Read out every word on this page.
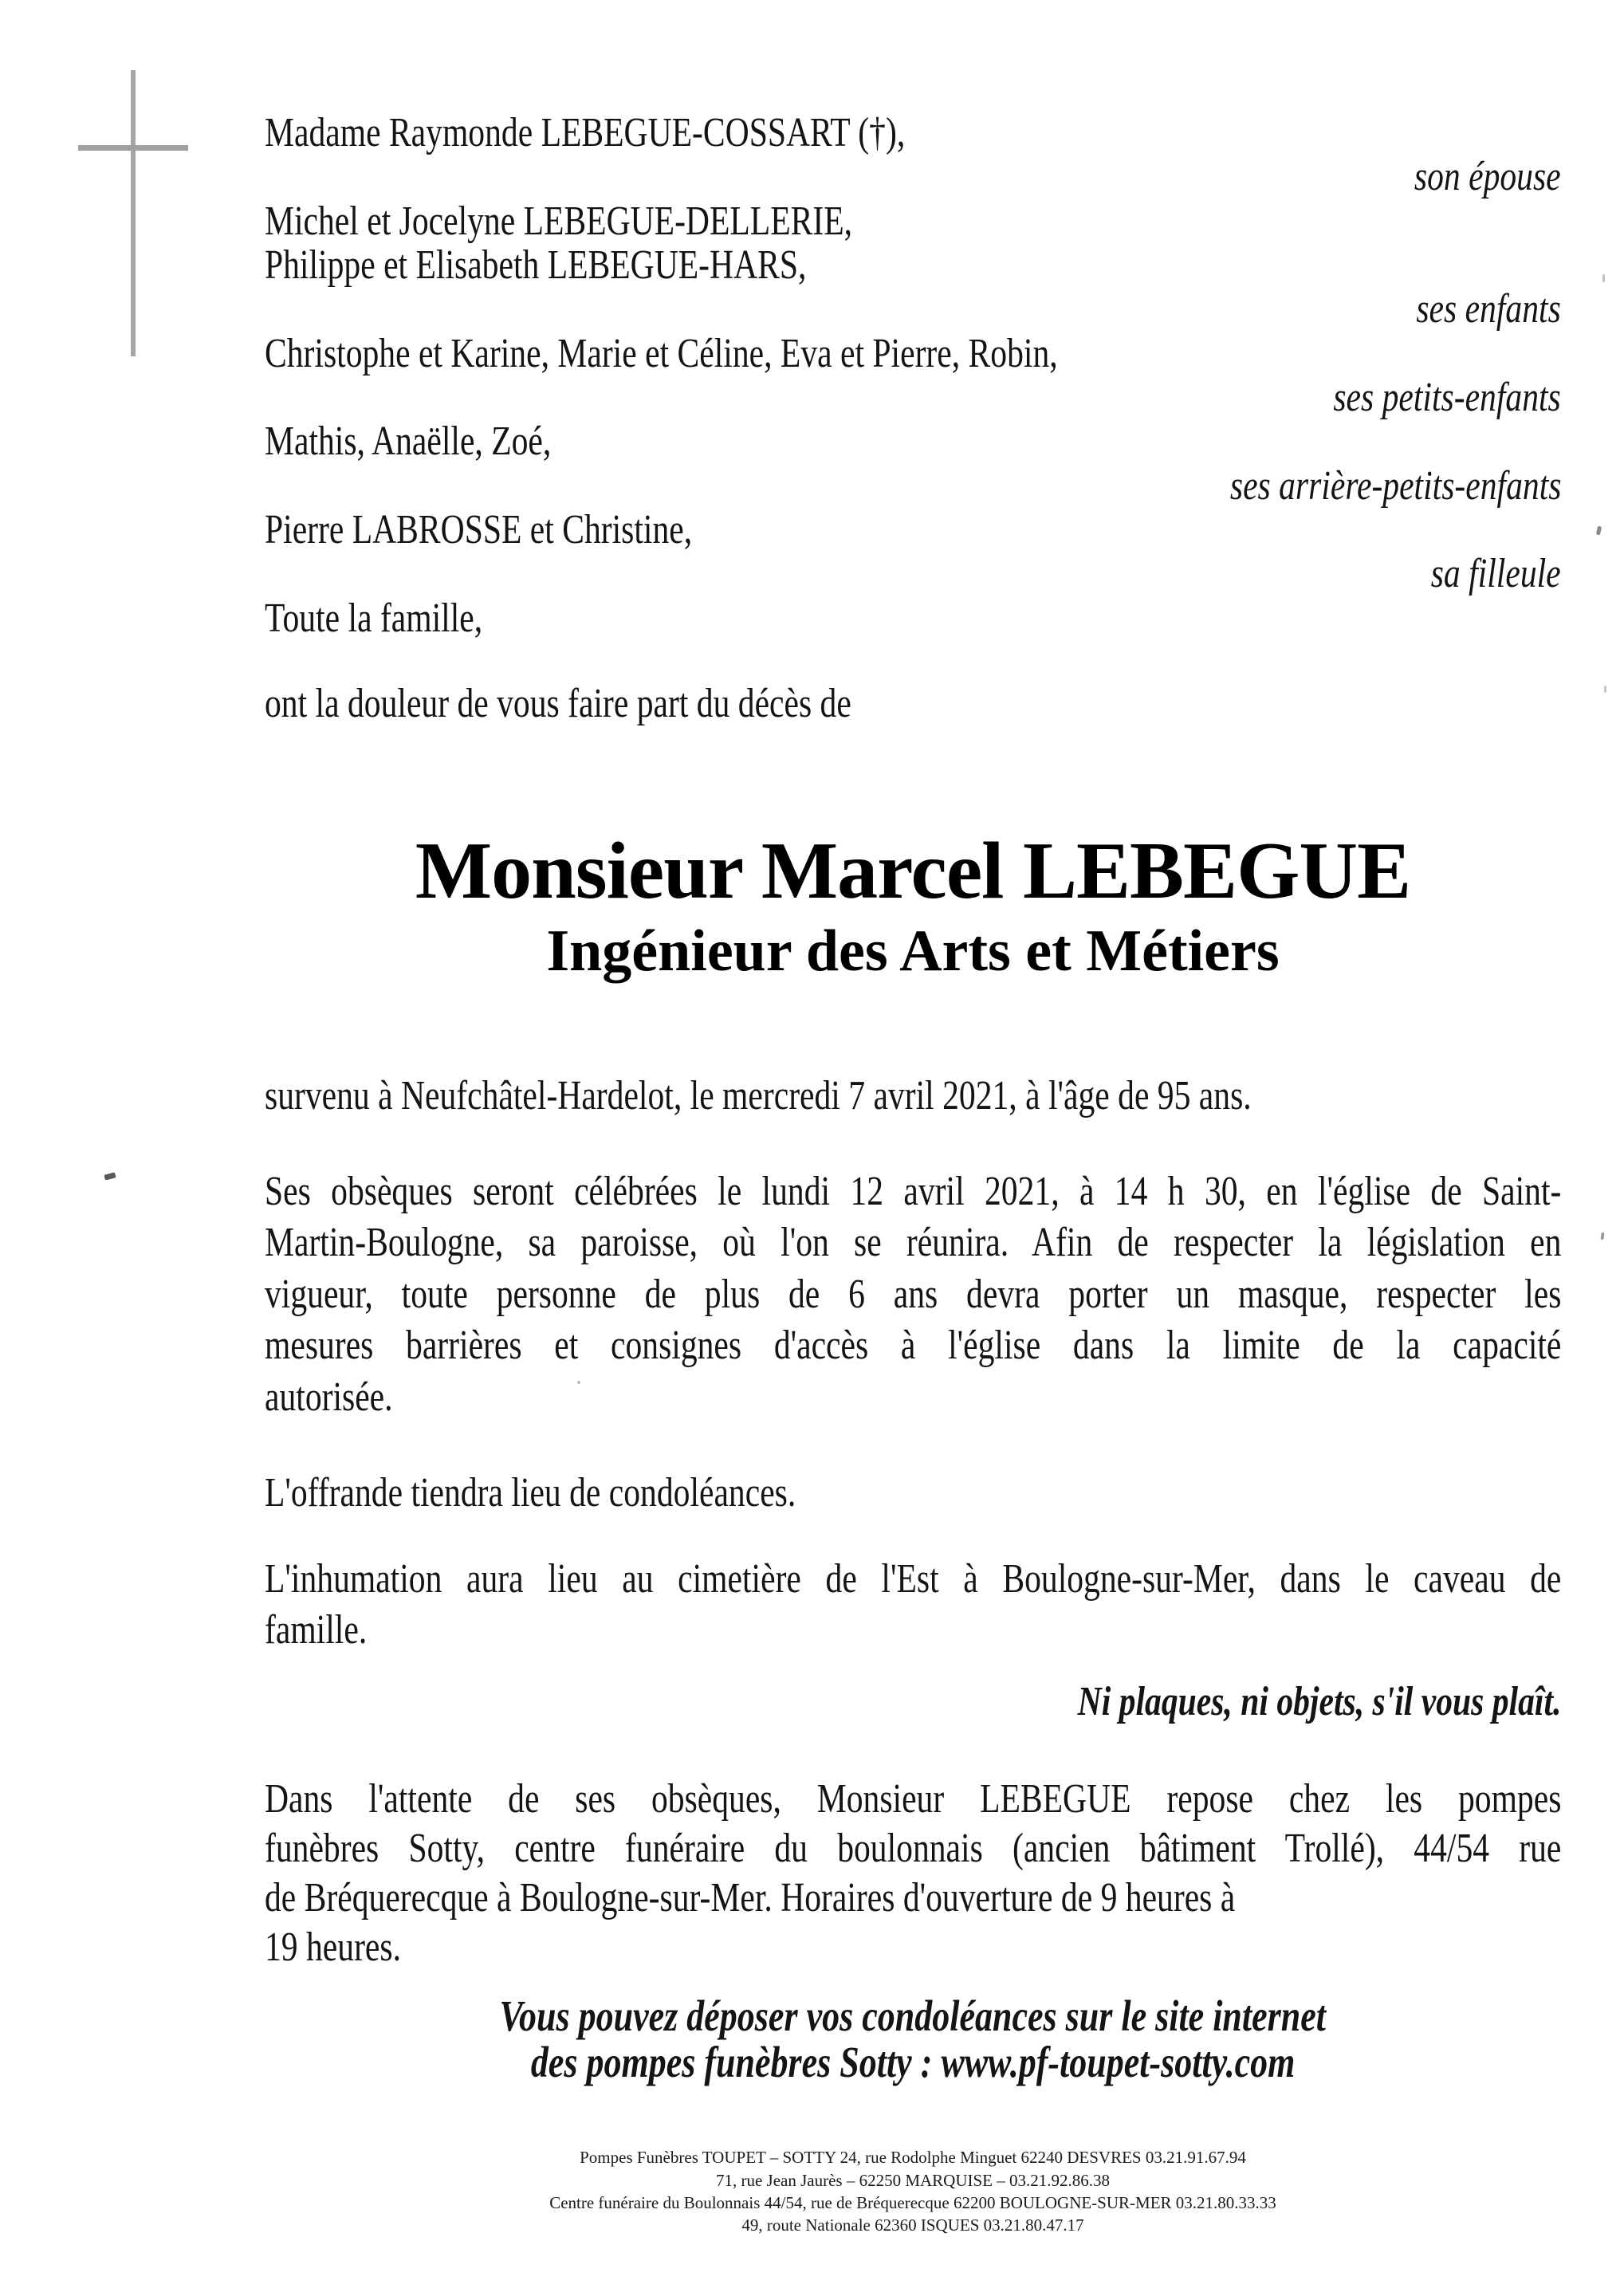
Madame Raymonde LEBEGUE-COSSART (†),
son épouse
Michel et Jocelyne LEBEGUE-DELLERIE,
Philippe et Elisabeth LEBEGUE-HARS,
ses enfants
Christophe et Karine, Marie et Céline, Eva et Pierre, Robin,
ses petits-enfants
Mathis, Anaëlle, Zoé,
ses arrière-petits-enfants
Pierre LABROSSE et Christine,
sa filleule
Toute la famille,
ont la douleur de vous faire part du décès de
Monsieur Marcel LEBEGUE
Ingénieur des Arts et Métiers
survenu à Neufchâtel-Hardelot, le mercredi 7 avril 2021, à l'âge de 95 ans.
Ses obsèques seront célébrées le lundi 12 avril 2021, à 14 h 30, en l'église de Saint-
Martin-Boulogne, sa paroisse, où l'on se réunira. Afin de respecter la législation en
vigueur, toute personne de plus de 6 ans devra porter un masque, respecter les
mesures barrières et consignes d'accès à l'église dans la limite de la capacité
autorisée.
L'offrande tiendra lieu de condoléances.
L'inhumation aura lieu au cimetière de l'Est à Boulogne-sur-Mer, dans le caveau de
famille.
Ni plaques, ni objets, s'il vous plaît.
Dans l'attente de ses obsèques, Monsieur LEBEGUE repose chez les pompes
funèbres Sotty, centre funéraire du boulonnais (ancien bâtiment Trollé), 44/54 rue
de Bréquerecque à Boulogne-sur-Mer. Horaires d'ouverture de 9 heures à
19 heures.
Vous pouvez déposer vos condoléances sur le site internet
des pompes funèbres Sotty : www.pf-toupet-sotty.com
Pompes Funèbres TOUPET – SOTTY 24, rue Rodolphe Minguet 62240 DESVRES 03.21.91.67.94
71, rue Jean Jaurès – 62250 MARQUISE – 03.21.92.86.38
Centre funéraire du Boulonnais 44/54, rue de Bréquerecque 62200 BOULOGNE-SUR-MER 03.21.80.33.33
49, route Nationale 62360 ISQUES 03.21.80.47.17
